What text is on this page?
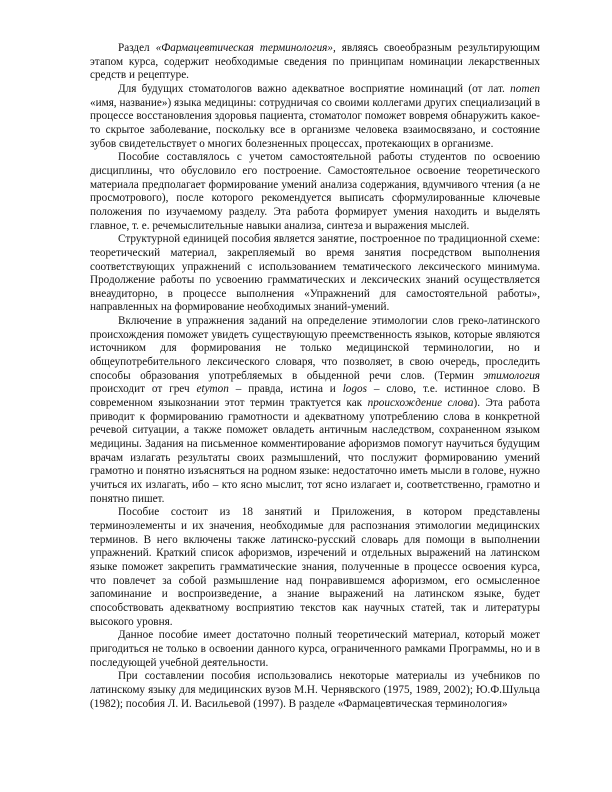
Раздел «Фармацевтическая терминология», являясь своеобразным результирующим этапом курса, содержит необходимые сведения по принципам номинации лекарственных средств и рецептуре.

Для будущих стоматологов важно адекватное восприятие номинаций (от лат. nomen «имя, название») языка медицины: сотрудничая со своими коллегами других специализаций в процессе восстановления здоровья пациента, стоматолог поможет вовремя обнаружить какое-то скрытое заболевание, поскольку все в организме человека взаимосвязано, и состояние зубов свидетельствует о многих болезненных процессах, протекающих в организме.

Пособие составлялось с учетом самостоятельной работы студентов по освоению дисциплины, что обусловило его построение. Самостоятельное освоение теоретического материала предполагает формирование умений анализа содержания, вдумчивого чтения (а не просмотрового), после которого рекомендуется выписать сформулированные ключевые положения по изучаемому разделу. Эта работа формирует умения находить и выделять главное, т. е. речемыслительные навыки анализа, синтеза и выражения мыслей.

Структурной единицей пособия является занятие, построенное по традиционной схеме: теоретический материал, закрепляемый во время занятия посредством выполнения соответствующих упражнений с использованием тематического лексического минимума. Продолжение работы по усвоению грамматических и лексических знаний осуществляется внеаудиторно, в процессе выполнения «Упражнений для самостоятельной работы», направленных на формирование необходимых знаний-умений.

Включение в упражнения заданий на определение этимологии слов греко-латинского происхождения поможет увидеть существующую преемственность языков, которые являются источником для формирования не только медицинской терминологии, но и общеупотребительного лексического словаря, что позволяет, в свою очередь, проследить способы образования употребляемых в обыденной речи слов. (Термин этимология происходит от греч etymon – правда, истина и logos – слово, т.е. истинное слово. В современном языкознании этот термин трактуется как происхождение слова). Эта работа приводит к формированию грамотности и адекватному употреблению слова в конкретной речевой ситуации, а также поможет овладеть античным наследством, сохраненном языком медицины. Задания на письменное комментирование афоризмов помогут научиться будущим врачам излагать результаты своих размышлений, что послужит формированию умений грамотно и понятно изъясняться на родном языке: недостаточно иметь мысли в голове, нужно учиться их излагать, ибо – кто ясно мыслит, тот ясно излагает и, соответственно, грамотно и понятно пишет.

Пособие состоит из 18 занятий и Приложения, в котором представлены терминоэлементы и их значения, необходимые для распознания этимологии медицинских терминов. В него включены также латинско-русский словарь для помощи в выполнении упражнений. Краткий список афоризмов, изречений и отдельных выражений на латинском языке поможет закрепить грамматические знания, полученные в процессе освоения курса, что повлечет за собой размышление над понравившемся афоризмом, его осмысленное запоминание и воспроизведение, а знание выражений на латинском языке, будет способствовать адекватному восприятию текстов как научных статей, так и литературы высокого уровня.

Данное пособие имеет достаточно полный теоретический материал, который может пригодиться не только в освоении данного курса, ограниченного рамками Программы, но и в последующей учебной деятельности.

При составлении пособия использовались некоторые материалы из учебников по латинскому языку для медицинских вузов М.Н. Чернявского (1975, 1989, 2002); Ю.Ф.Шульца (1982); пособия Л. И. Васильевой (1997). В разделе «Фармацевтическая терминология»
